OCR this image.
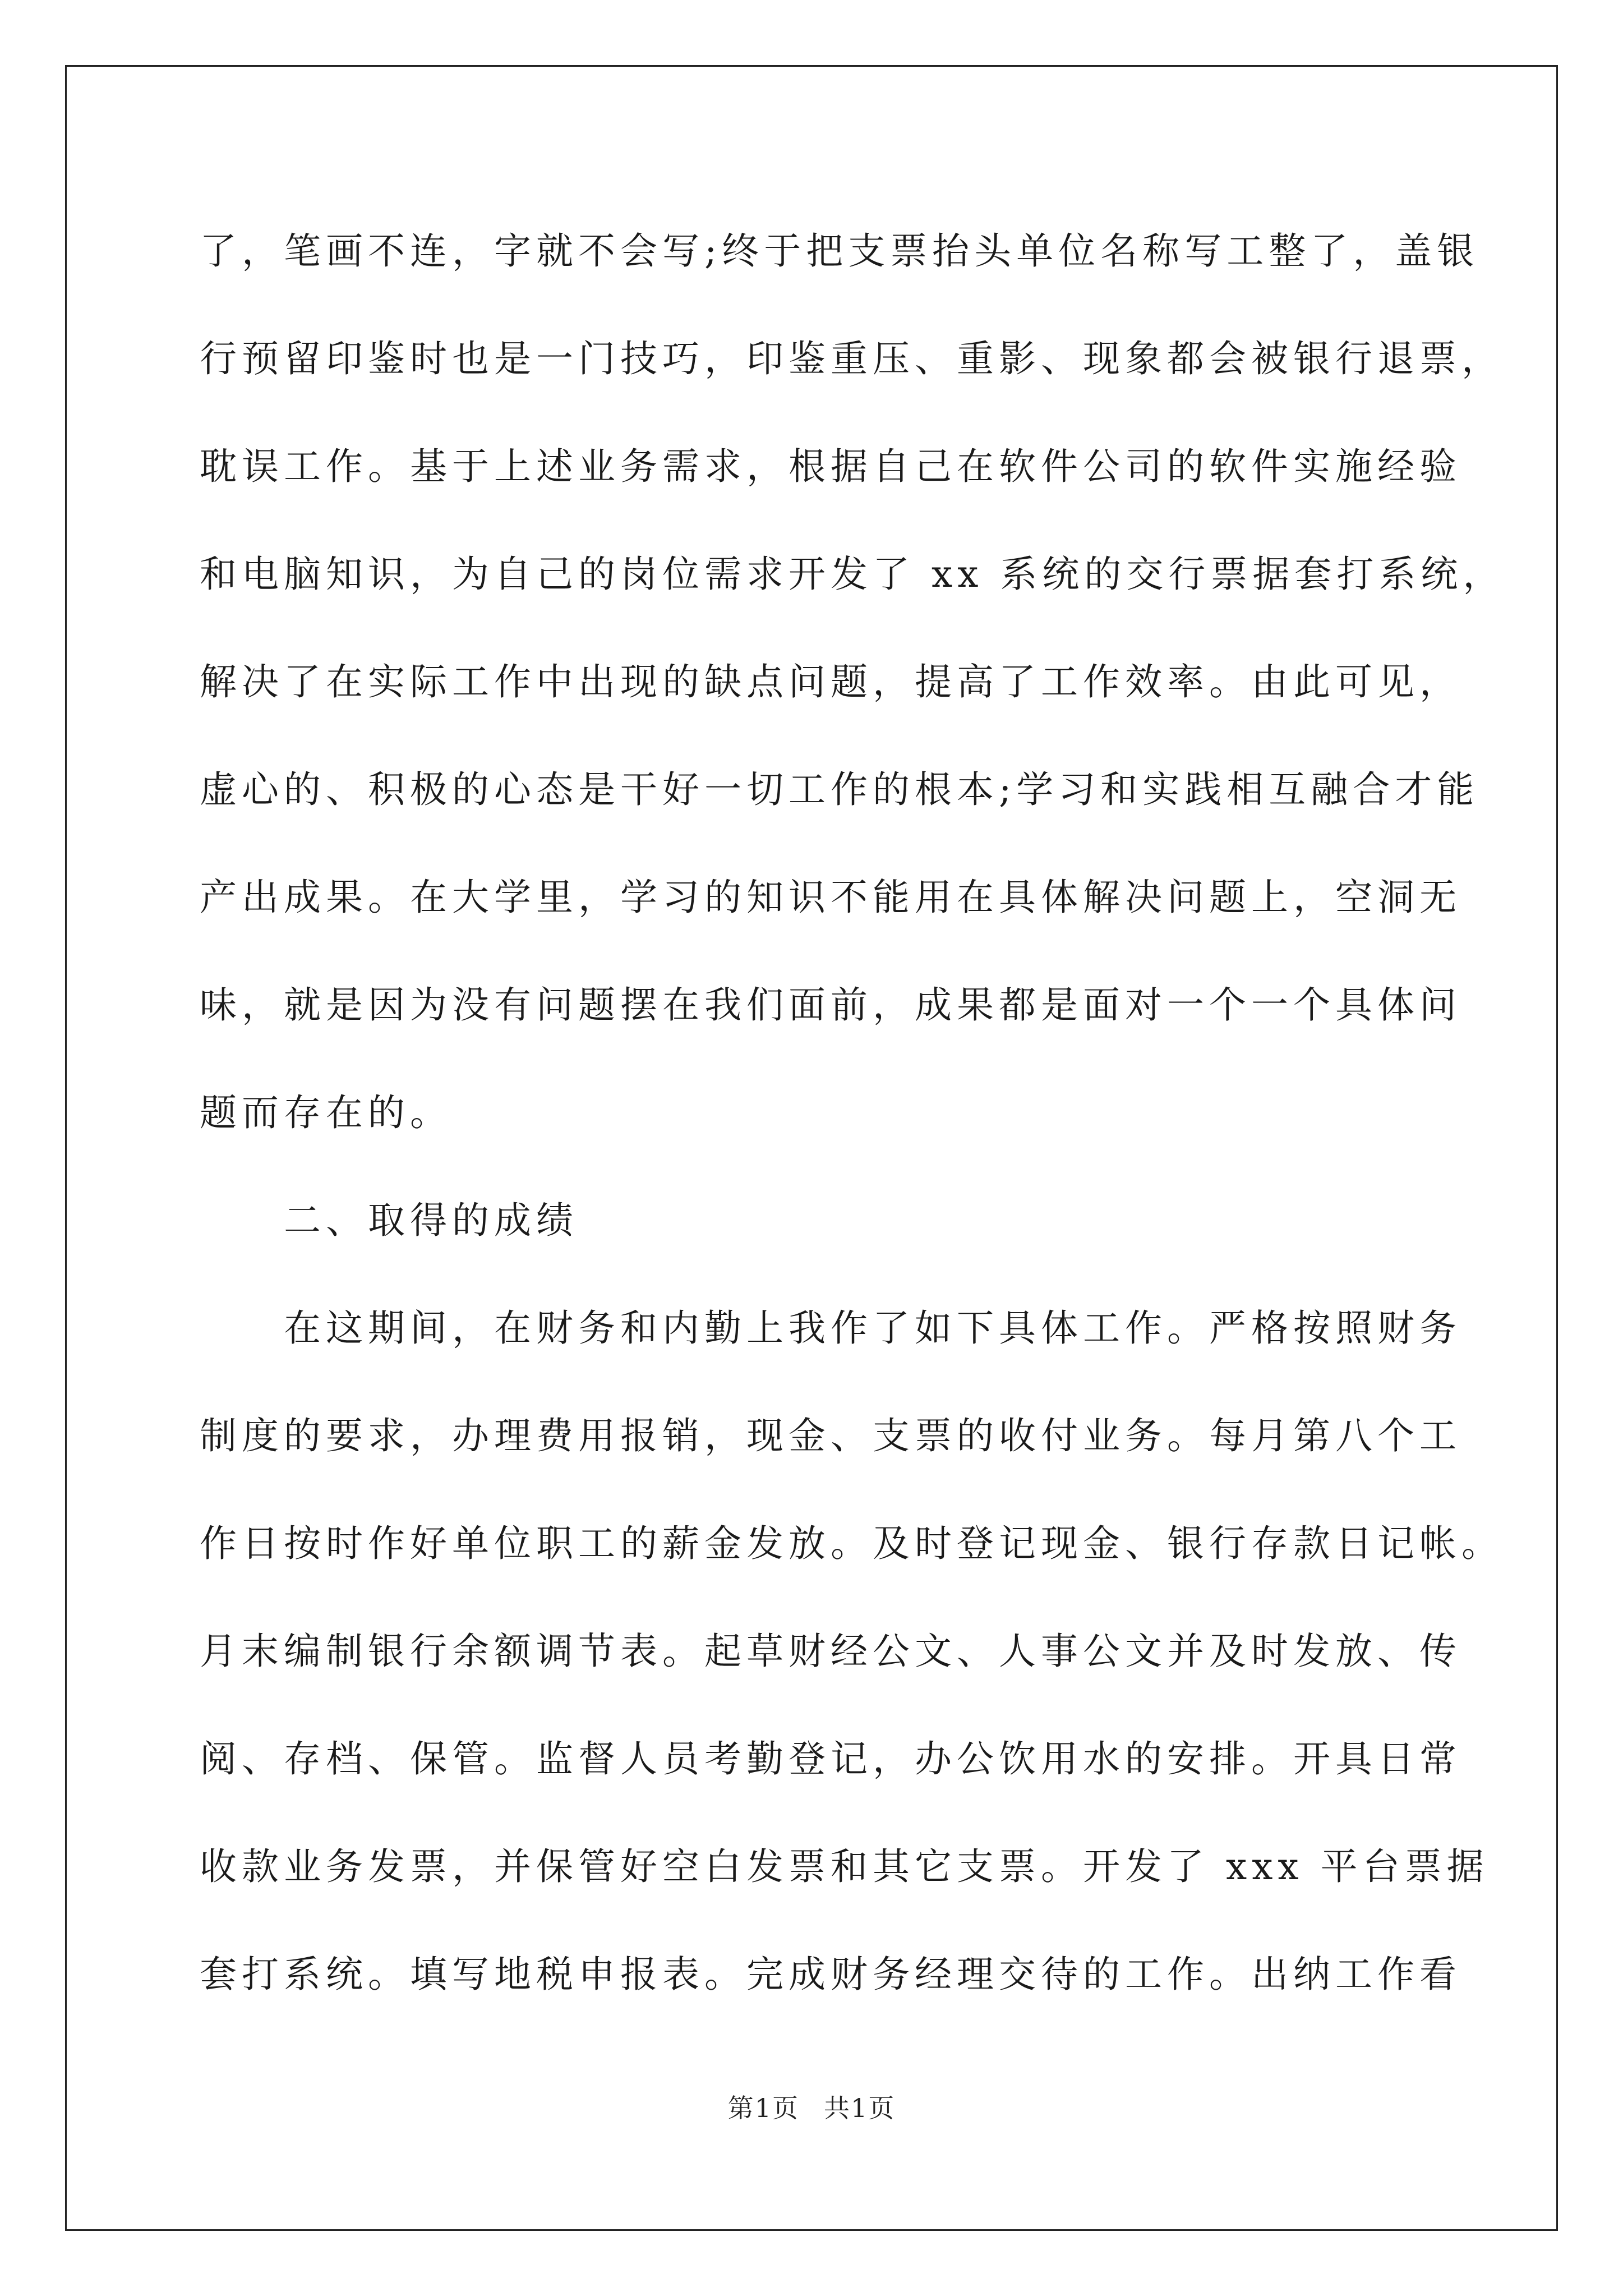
了，笔画不连，字就不会写;终于把支票抬头单位名称写工整了，盖银
行预留印鉴时也是一门技巧，印鉴重压、重影、现象都会被银行退票，
耽误工作。基于上述业务需求，根据自己在软件公司的软件实施经验
和电脑知识，为自己的岗位需求开发了 xx 系统的交行票据套打系统，
解决了在实际工作中出现的缺点问题，提高了工作效率。由此可见，
虚心的、积极的心态是干好一切工作的根本;学习和实践相互融合才能
产出成果。在大学里，学习的知识不能用在具体解决问题上，空洞无
味，就是因为没有问题摆在我们面前，成果都是面对一个一个具体问
题而存在的。
二、取得的成绩
在这期间，在财务和内勤上我作了如下具体工作。严格按照财务
制度的要求，办理费用报销，现金、支票的收付业务。每月第八个工
作日按时作好单位职工的薪金发放。及时登记现金、银行存款日记帐。
月末编制银行余额调节表。起草财经公文、人事公文并及时发放、传
阅、存档、保管。监督人员考勤登记，办公饮用水的安排。开具日常
收款业务发票，并保管好空白发票和其它支票。开发了 xxx 平台票据
套打系统。填写地税申报表。完成财务经理交待的工作。出纳工作看
第1页 共1页
